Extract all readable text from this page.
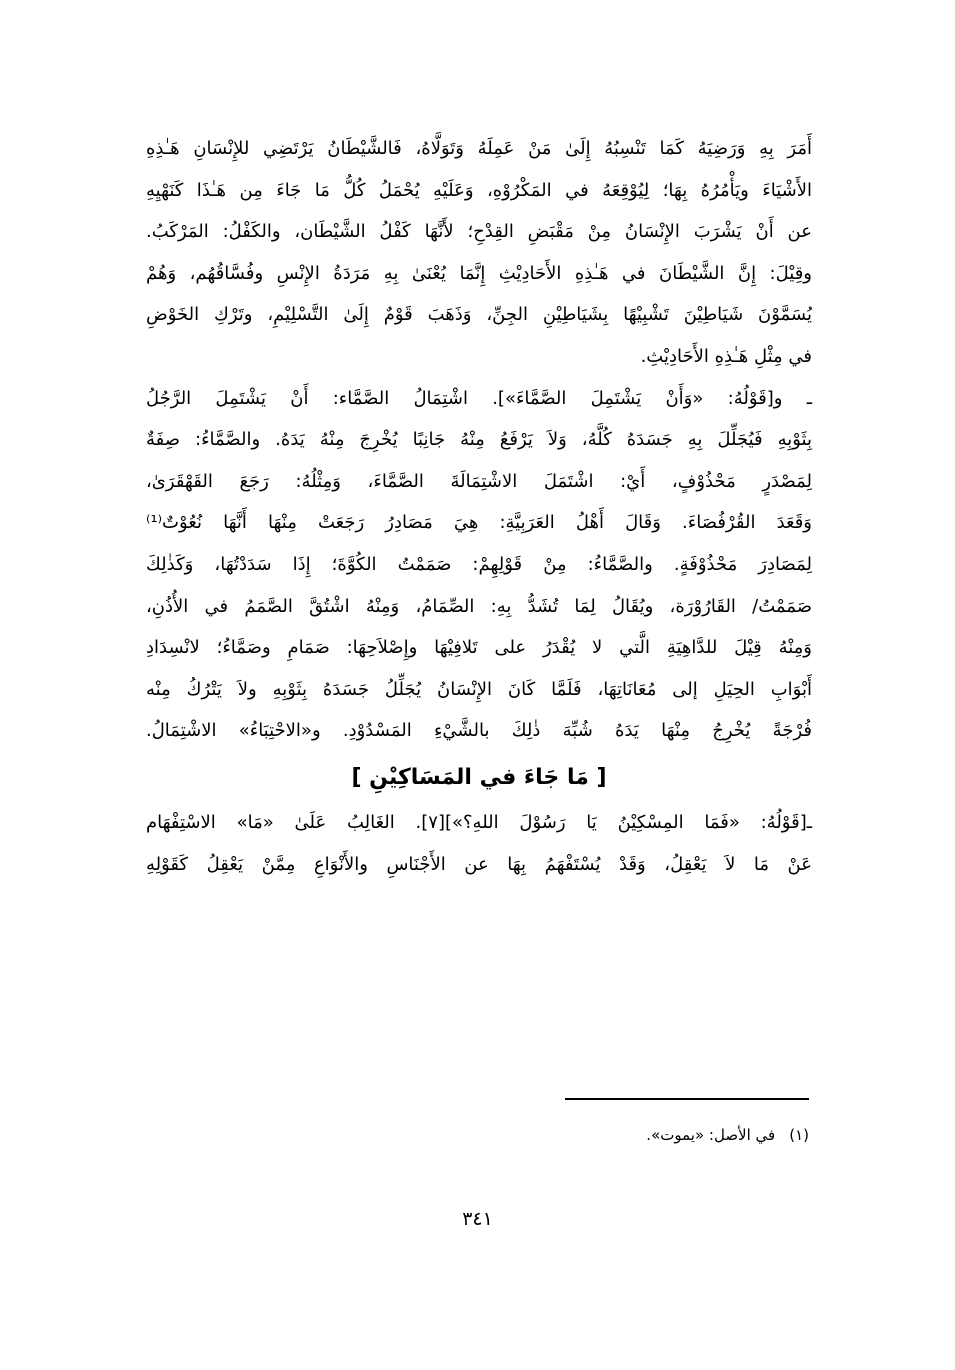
أَمَرَ بِهِ وَرَضِيَهُ كَمَا تَنْسِبُهُ إِلَىٰ مَنْ عَمِلَهُ وَتَوَلَّاهُ، فَالشَّيْطَانُ يَرْتَضِي للإِنْسَانِ هَـٰذِهِ
الأَشْيَاءَ ويَأْمُرُهُ بِهَا؛ لِيُوْقِعَهُ في المَكْرُوْهِ، وَعَلَيْهِ يُحْمَلُ كُلُّ مَا جَاءَ مِن هَـٰذَا كَنَهْيِهِ
عن أَنْ يَشْرَبَ الإِنْسَانُ مِنْ مَقْبَضِ القِدْحِ؛ لأَنَّهَا كَفْلُ الشَّيْطَان، والكَفْلُ: المَرْكَبُ.
وقِيْلَ: إِنَّ الشَّيْطَانَ في هَـٰذِهِ الأَحَادِيْثِ إِنَّمَا يُعْنَىٰ بِهِ مَرَدَةُ الإِنْسِ وفُسَّاقُهُم، وَهُمْ
يُسَمَّوْنَ شَيَاطِيْنَ تَشْبِيْهًا بِشَيَاطِيْنِ الجِنِّ، وَذَهَبَ قَوْمٌ إِلَىٰ التَّسْلِيْمِ، وتَرْكِ الخَوْضِ
في مِثْلِ هَـٰذِهِ الأَحَادِيْثِ.
ـ و[قَوْلُهُ: «وَأَنْ يَشْتَمِلَ الصَّمَّاءَ»]. اشْتِمَالُ الصَّمَّاء: أَنْ يَشْتَمِلَ الرَّجُلُ
بِثَوْبِهِ فَيُجَلِّلَ بِهِ جَسَدَهُ كُلَّهُ، وَلاَ يَرْفَعُ مِنْهُ جَانِبًا يُخْرِجَ مِنْهُ يَدَهُ. والصَّمَّاءُ: صِفَةٌ
لِمَصْدَرٍ مَحْذُوْفٍ، أَيْ: اشْتَمَلَ الاشْتِمَالَةَ الصَّمَّاءَ، وَمِثْلُهُ: رَجَعَ القَهْقَرَىٰ،
وَقَعَدَ القُرْفُصَاءَ. وَقَالَ أَهْلُ العَرَبِيَّةِ: هِيَ مَصَادِرُ رَجَعَتْ مِنْهَا أَنَّهَا نُعُوْتٌ⁽¹⁾
لِمَصَادِرَ مَحْذُوْفَةٍ. والصَّمَّاءُ: مِنْ قَوْلِهِمْ: صَمَمْتُ الكُوَّةَ؛ إِذَا سَدَدْتُهَا، وَكَذٰلِكَ
صَمَمْتُ/ القَارُوْرَة، ويُقَالُ لِمَا تُشَدُّ بِهِ: الصِّمَامُ، وَمِنْهُ اشْتُقَّ الصَّمَمُ في الأُذُنِ،
وَمِنْهُ قِيْلَ للدَّاهِيَةِ الَّتي لا يُقْدَرُ على تَلافِيْهَا وإِصْلاَحِهَا: صَمَامِ وصَمَّاءُ؛ لانْسِدَادِ
أَبْوَابِ الحِيَلِ إلى مُعَانَاتِهَا، فَلَمَّا كَانَ الإِنْسَانُ يُجَلِّلُ جَسَدَهُ بِثَوْبِهِ ولاَ يَتْرُكُ مِنْه
فُرْجَةً يُخْرِجُ مِنْهَا يَدَهُ شُبِّهَ ذٰلِكَ بالشَّيْءِ المَسْدُوْدِ. و«الاحْتِبَاءُ» الاشْتِمَالُ.
[ مَا جَاءَ في المَسَاكِيْنِ ]
ـ[قَوْلُهُ: «فَمَا المِسْكِيْنُ يَا رَسُوْلَ اللهِ؟»][٧]. الغَالِبُ عَلَىٰ «مَا» الاسْتِفْهَام
عَنْ مَا لاَ يَعْقِلُ، وَقَدْ يُسْتَفْهَمُ بِهَا عن الأَجْنَاسِ والأَنْوَاعِ مِمَّنْ يَعْقِلُ كَقَوْلِهِ
(١)في الأصل: «يموت».
٣٤١
